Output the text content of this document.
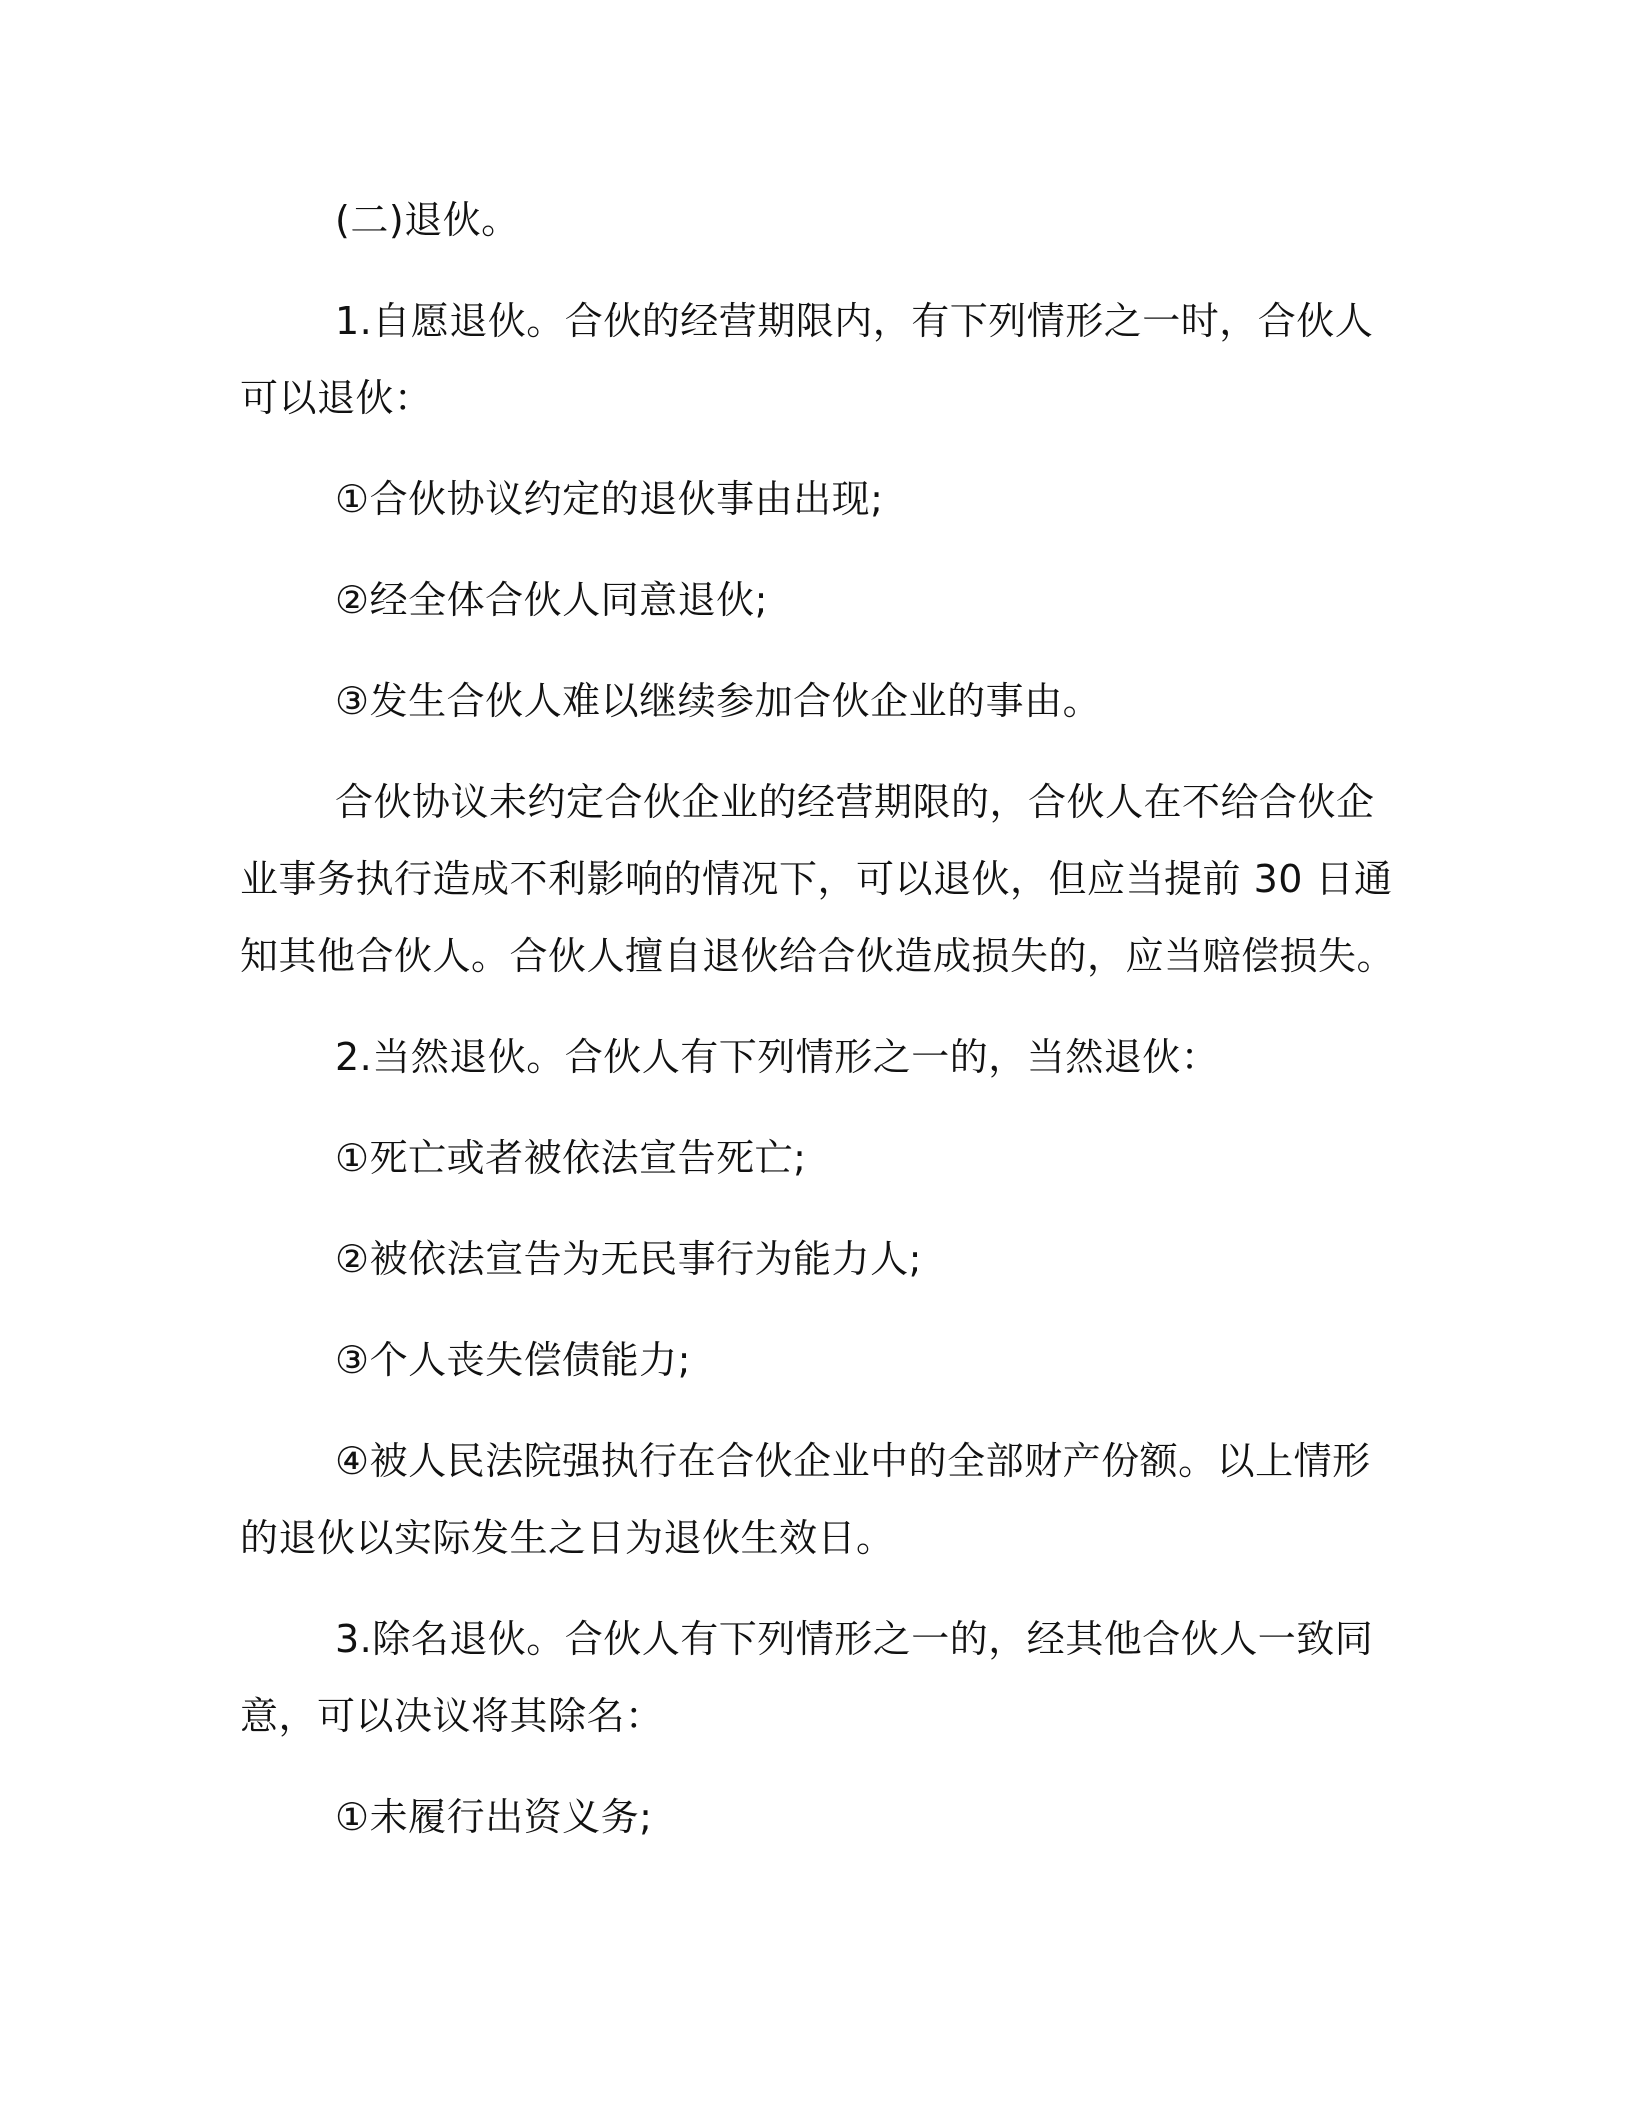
(二)退伙。

1.自愿退伙。合伙的经营期限内，有下列情形之一时，合伙人可以退伙：

①合伙协议约定的退伙事由出现;

②经全体合伙人同意退伙;

③发生合伙人难以继续参加合伙企业的事由。

合伙协议未约定合伙企业的经营期限的，合伙人在不给合伙企业事务执行造成不利影响的情况下，可以退伙，但应当提前 30 日通知其他合伙人。合伙人擅自退伙给合伙造成损失的，应当赔偿损失。

2.当然退伙。合伙人有下列情形之一的，当然退伙：

①死亡或者被依法宣告死亡;

②被依法宣告为无民事行为能力人;

③个人丧失偿债能力;

④被人民法院强执行在合伙企业中的全部财产份额。以上情形的退伙以实际发生之日为退伙生效日。

3.除名退伙。合伙人有下列情形之一的，经其他合伙人一致同意，可以决议将其除名：

①未履行出资义务;
